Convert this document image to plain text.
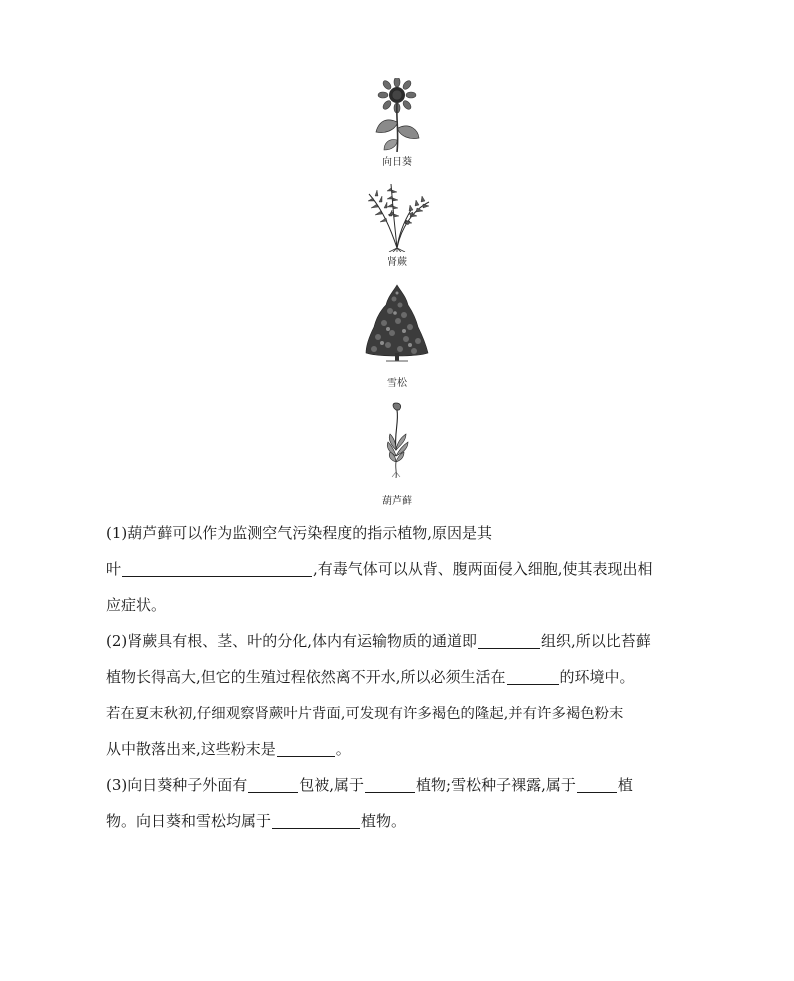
向日葵
肾蕨
雪松
葫芦藓
(1)葫芦藓可以作为监测空气污染程度的指示植物,原因是其
叶	,有毒气体可以从背、腹两面侵入细胞,使其表现出相
应症状。
(2)肾蕨具有根、茎、叶的分化,体内有运输物质的通道即	组织,所以比苔藓
植物长得高大,但它的生殖过程依然离不开水,所以必须生活在	的环境中。
若在夏末秋初,仔细观察肾蕨叶片背面,可发现有许多褐色的隆起,并有许多褐色粉末
从中散落出来,这些粉末是	。
(3)向日葵种子外面有	包被,属于	植物;雪松种子裸露,属于	植
物。向日葵和雪松均属于	植物。
